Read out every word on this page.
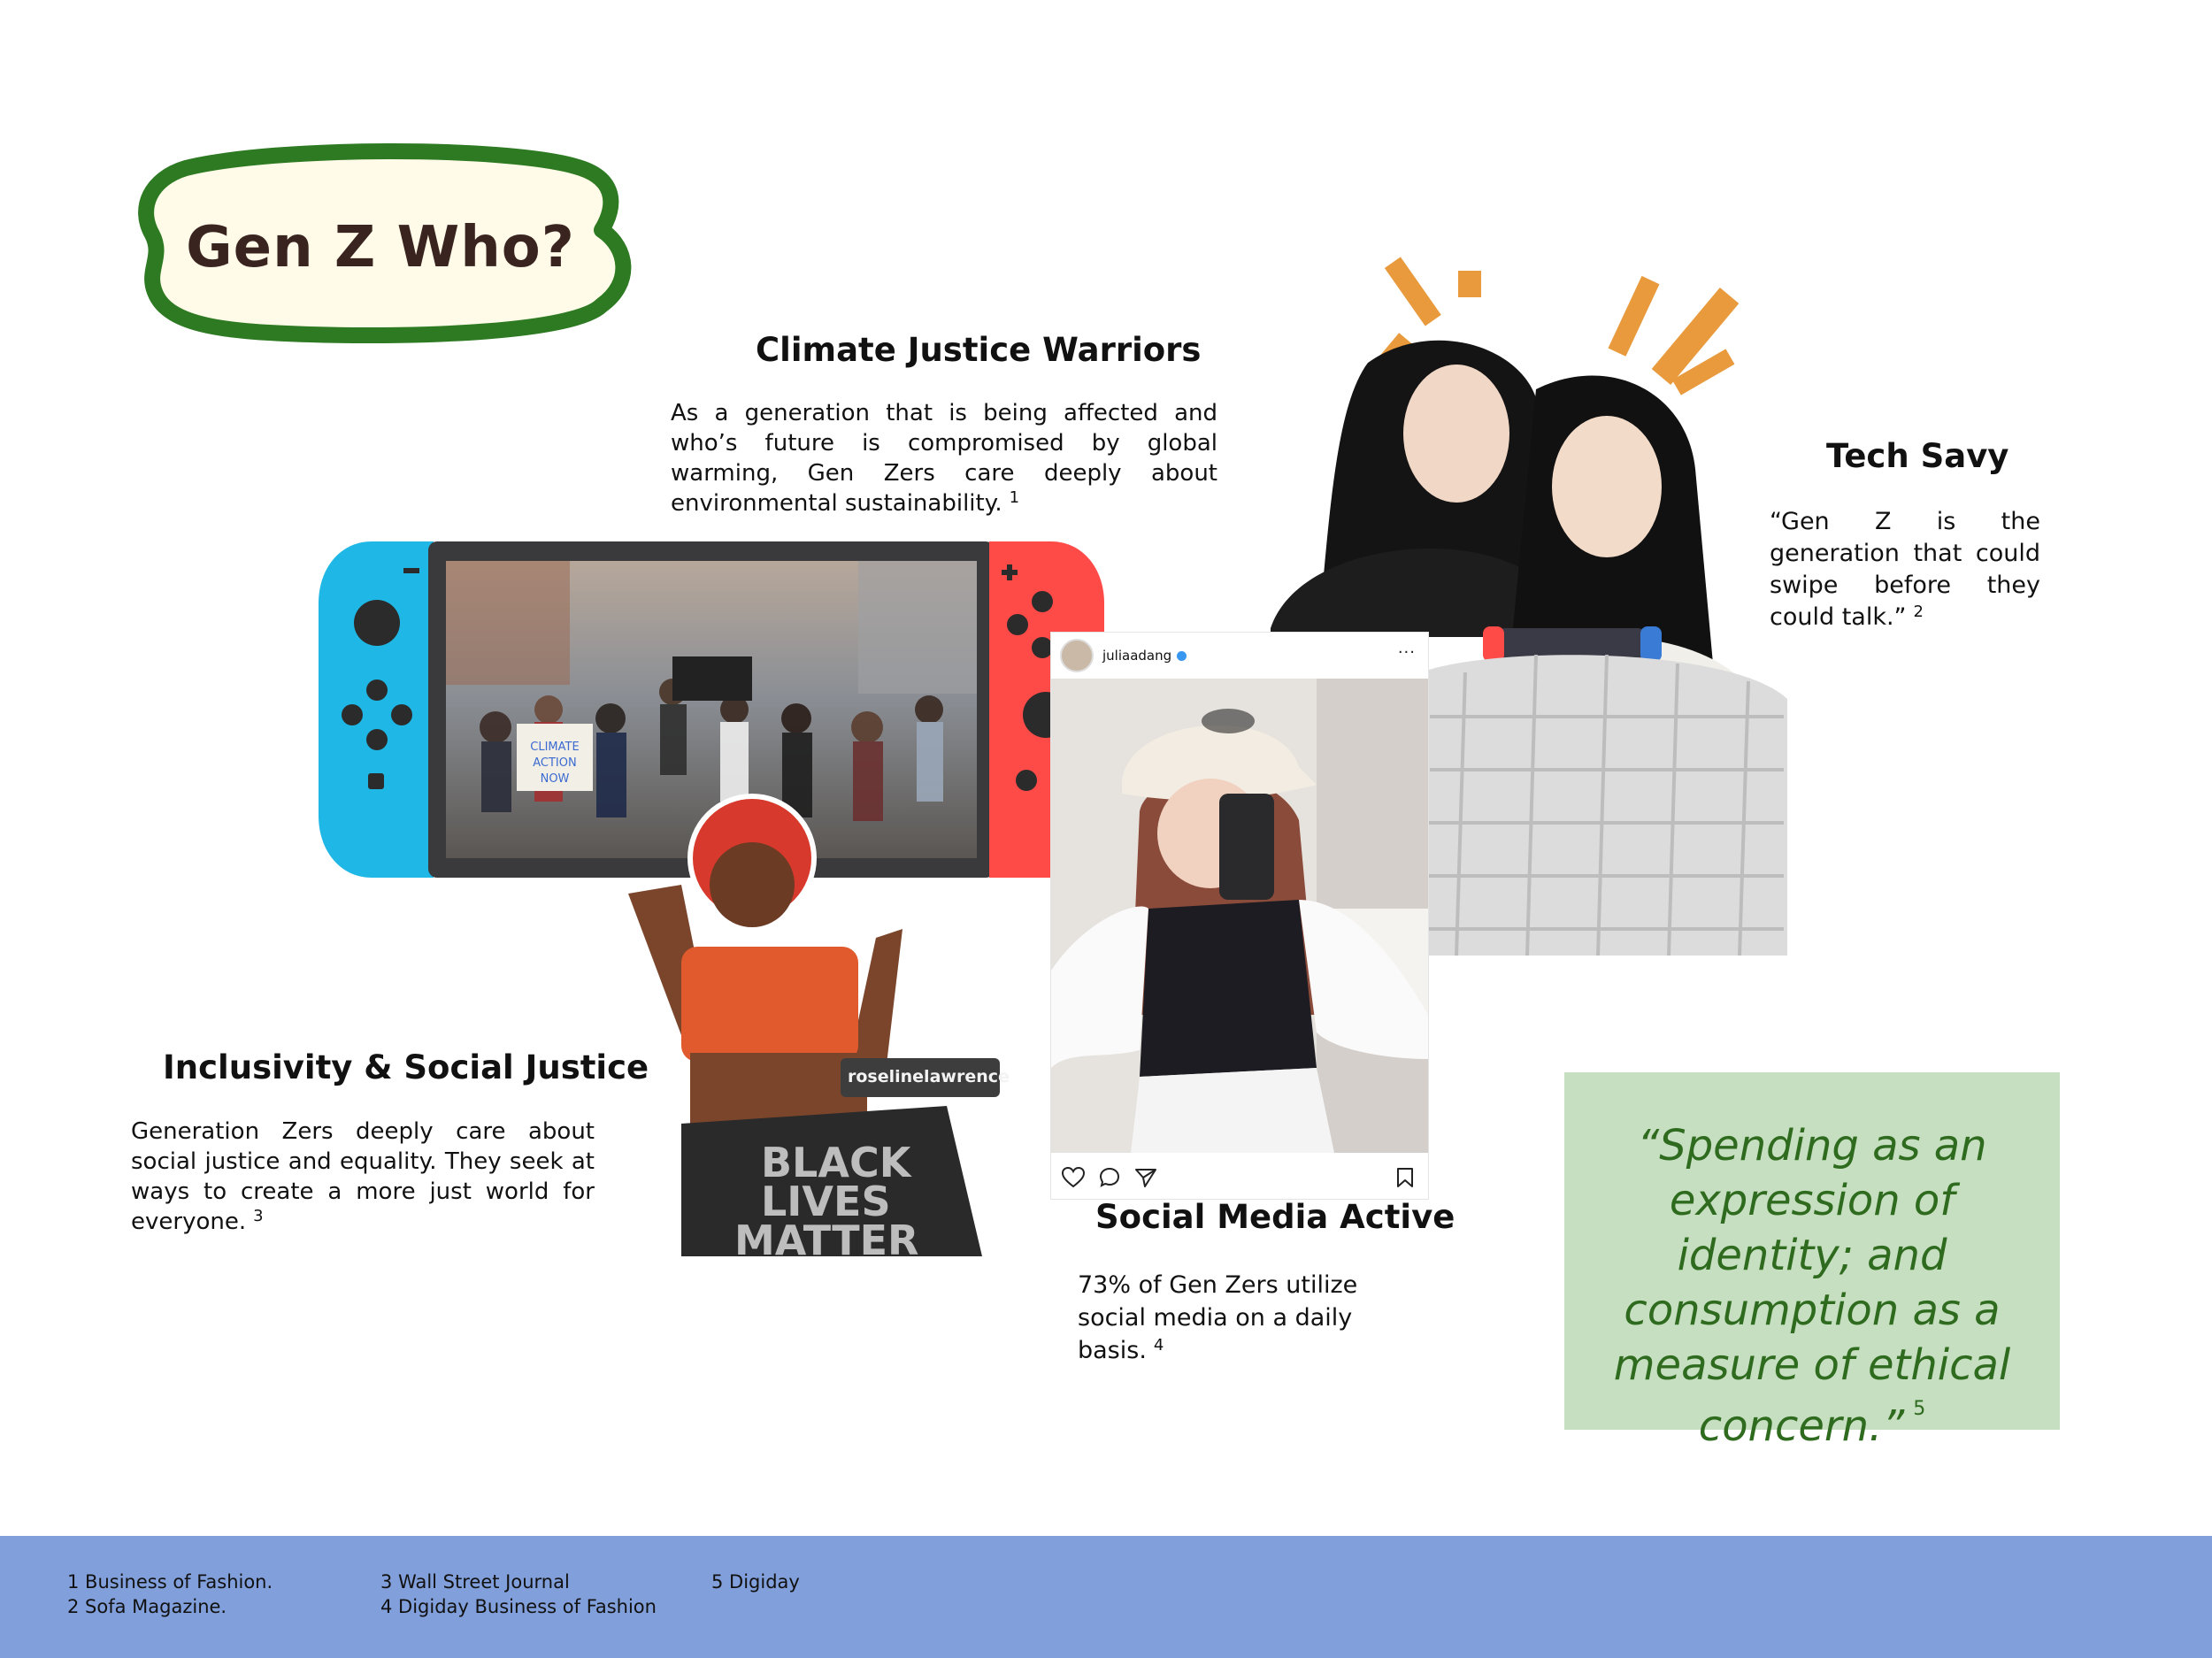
Gen Z Who?
Climate Justice Warriors
As a generation that is being affected and who’s future is compromised by global warming, Gen Zers care deeply about environmental sustainability. $^1$
CLIMATE
ACTION
NOW
BLACK
LIVES
MATTER
roselinelawrence
juliaadang	···
Tech Savy
“Gen Z is the generation that could swipe before they could talk.” $^2$
Inclusivity & Social Justice
Generation Zers deeply care about social justice and equality. They seek at ways to create a more just world for everyone. $^3$	Social Media Active
73% of Gen Zers utilize social media on a daily basis. $^4$
“Spending as an expression of identity; and consumption as a measure of ethical concern.” $^5$
1 Business of Fashion.
2 Sofa Magazine.
3 Wall Street Journal
4 Digiday Business of Fashion
5 Digiday
